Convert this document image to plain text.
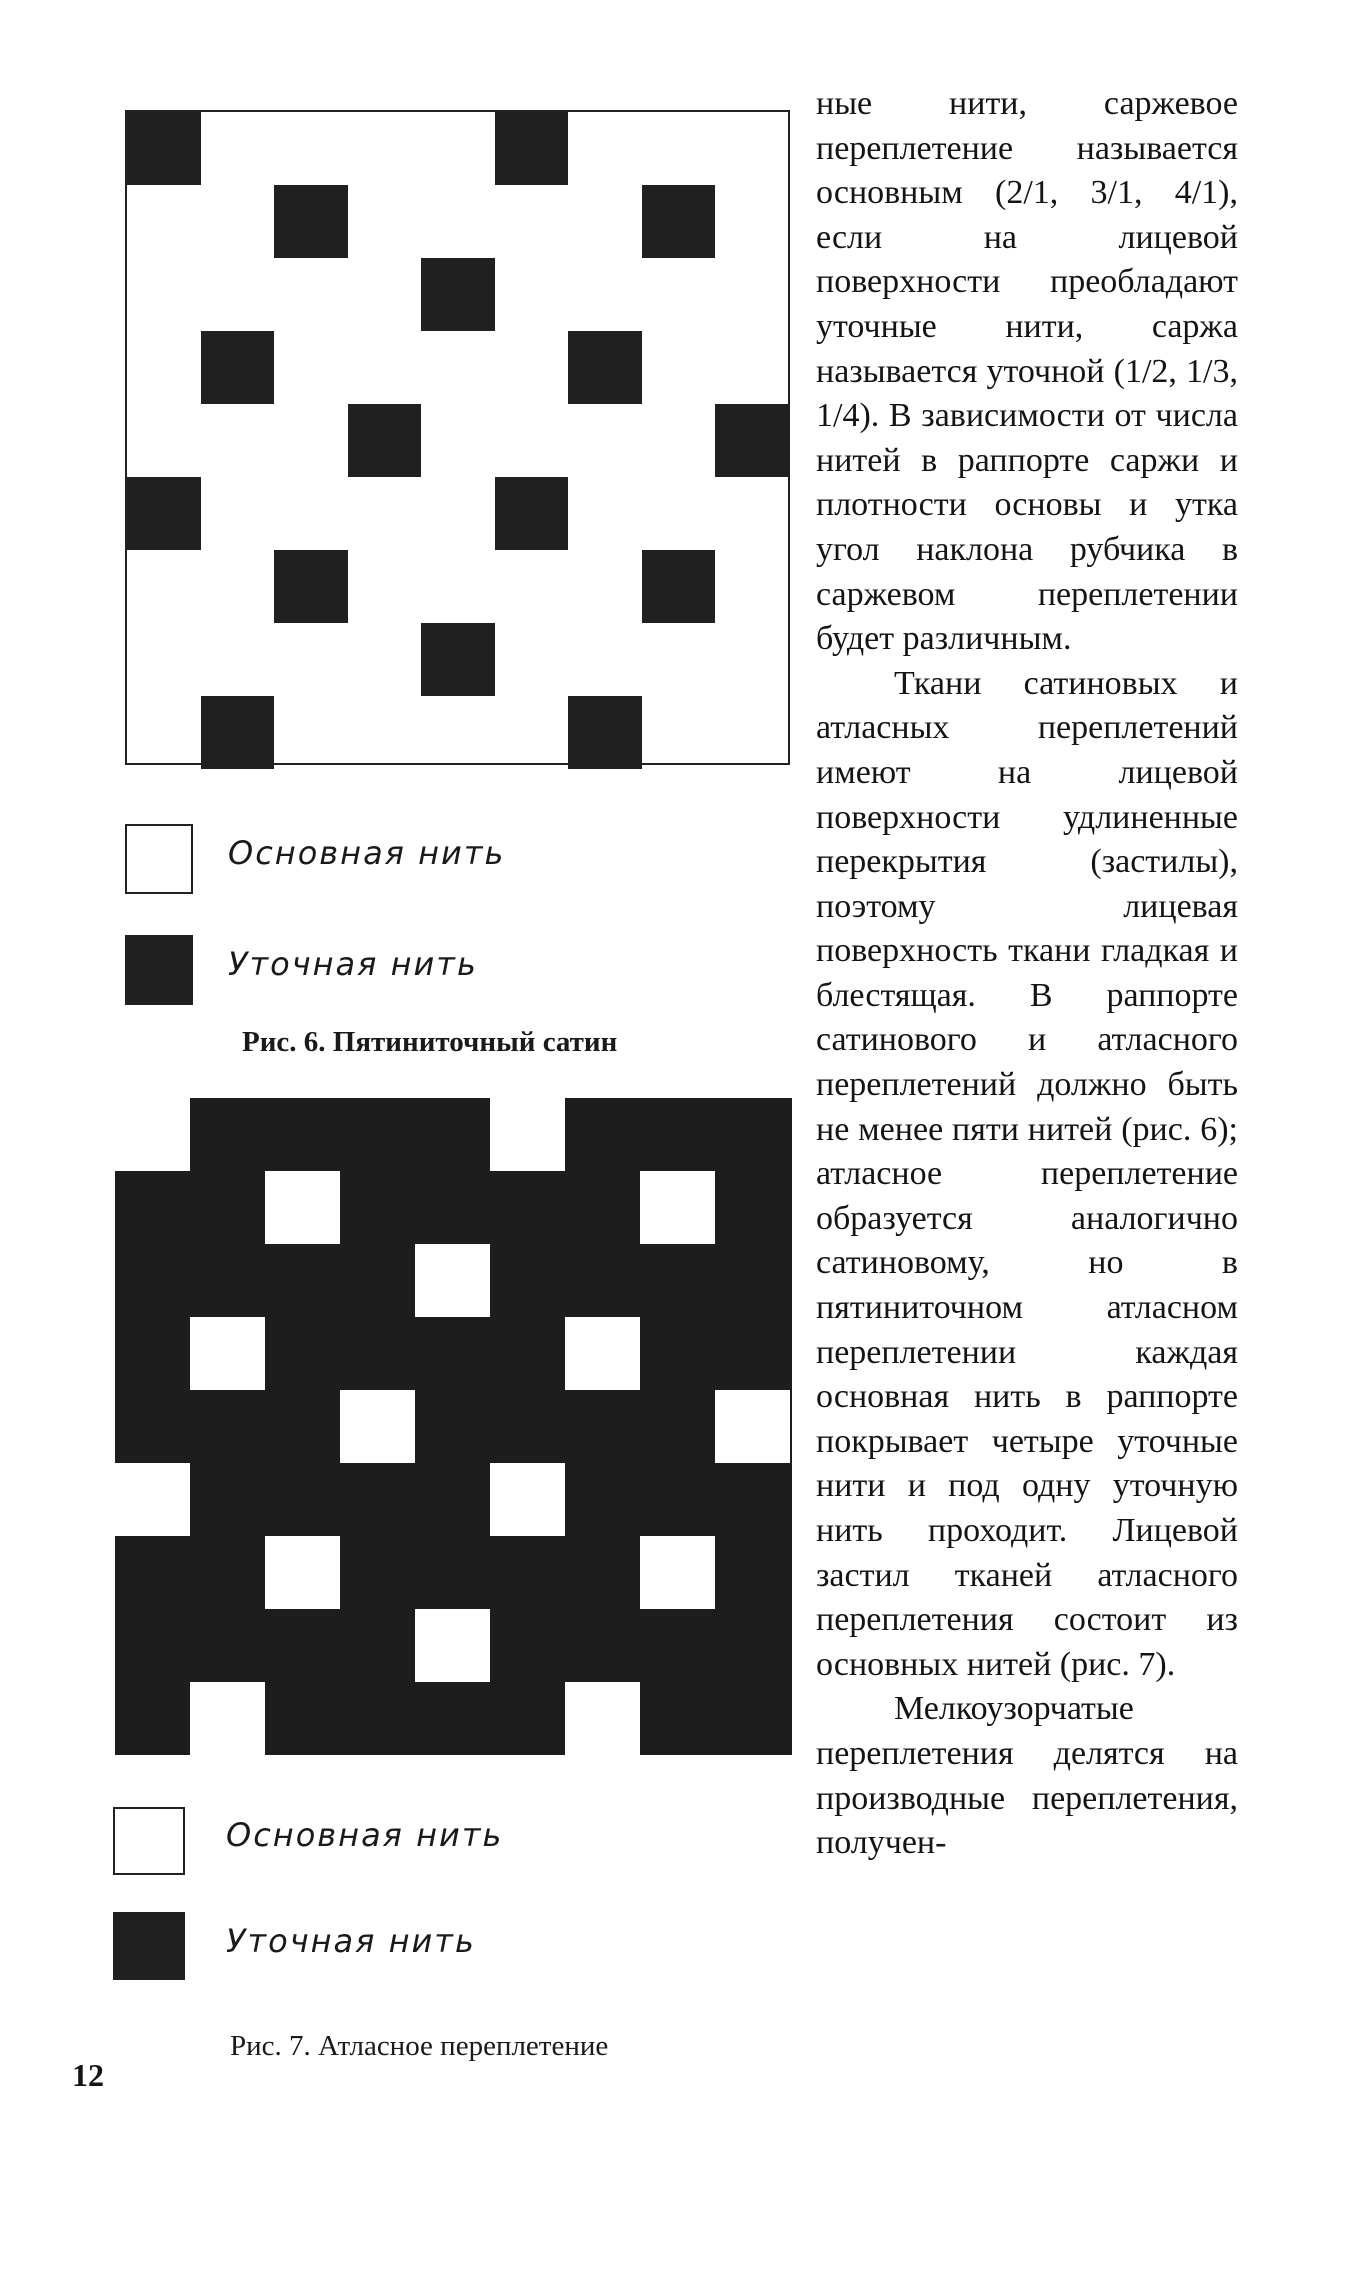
Основная нить
Уточная нить
Рис. 6. Пятиниточный сатин
Основная нить
Уточная нить
Рис. 7. Атласное переплетение

ные нити, саржевое переплетение называется основным (2/1, 3/1, 4/1), если на лицевой поверхности преобладают уточные нити, саржа называется уточной (1/2, 1/3, 1/4). В зависимости от числа нитей в раппорте саржи и плотности основы и утка угол наклона рубчика в саржевом переплетении будет различным.

Ткани сатиновых и атласных переплетений имеют на лицевой поверхности удлиненные перекрытия (застилы), поэтому лицевая поверхность ткани гладкая и блестящая. В раппорте сатинового и атласного переплетений должно быть не менее пяти нитей (рис. 6); атласное переплетение образуется аналогично сатиновому, но в пятиниточном атласном переплетении каждая основная нить в раппорте покрывает четыре уточные нити и под одну уточную нить проходит. Лицевой застил тканей атласного переплетения состоит из основных нитей (рис. 7).

Мелкоузорчатые переплетения делятся на производные переплетения, получен-

12
